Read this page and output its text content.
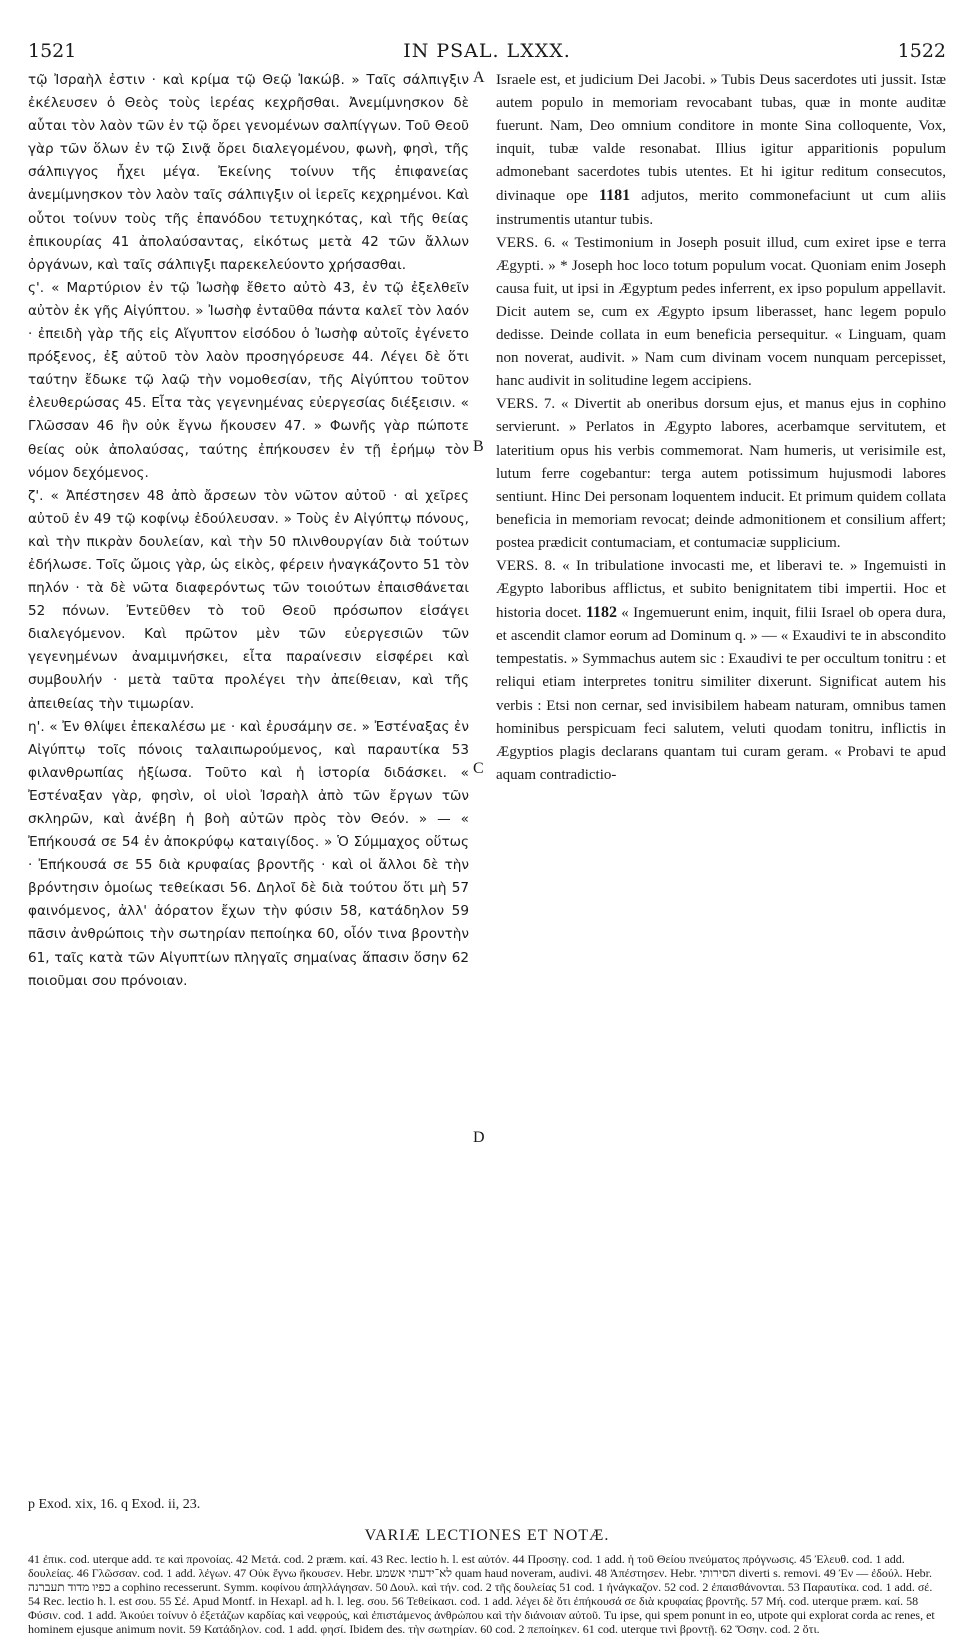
1521	IN PSAL. LXXX.	1522

τῷ Ἰσραὴλ ἐστιν · καὶ κρίμα τῷ Θεῷ Ἰακώβ. » Ταῖς σάλπιγξιν ἐκέλευσεν ὁ Θεὸς τοὺς ἱερέας κεχρῆσθαι. Ἀνεμίμνησκον δὲ αὗται τὸν λαὸν τῶν ἐν τῷ ὄρει γενομένων σαλπίγγων. Τοῦ Θεοῦ γὰρ τῶν ὅλων ἐν τῷ Σινᾷ ὄρει διαλεγομένου, φωνὴ, φησὶ, τῆς σάλπιγγος ἦχει μέγα. Ἐκείνης τοίνυν τῆς ἐπιφανείας ἀνεμίμνησκον τὸν λαὸν ταῖς σάλπιγξιν οἱ ἱερεῖς κεχρημένοι. Καὶ οὗτοι τοίνυν τοὺς τῆς ἐπανόδου τετυχηκότας, καὶ τῆς θείας ἐπικουρίας 41 ἀπολαύσαντας, εἰκότως μετὰ 42 τῶν ἄλλων ὀργάνων, καὶ ταῖς σάλπιγξι παρεκελεύοντο χρήσασθαι.

ς'. « Μαρτύριον ἐν τῷ Ἰωσὴφ ἔθετο αὐτὸ 43, ἐν τῷ ἐξελθεῖν αὐτὸν ἐκ γῆς Αἰγύπτου. » Ἰωσὴφ ἐνταῦθα πάντα καλεῖ τὸν λαόν · ἐπειδὴ γὰρ τῆς εἰς Αἴγυπτον εἰσόδου ὁ Ἰωσὴφ αὐτοῖς ἐγένετο πρόξενος, ἐξ αὐτοῦ τὸν λαὸν προσηγόρευσε 44. Λέγει δὲ ὅτι ταύτην ἔδωκε τῷ λαῷ τὴν νομοθεσίαν, τῆς Αἰγύπτου τοῦτον ἐλευθερώσας 45. Εἶτα τὰς γεγενημένας εὐεργεσίας διέξεισιν. « Γλῶσσαν 46 ἣν οὐκ ἔγνω ἤκουσεν 47. » Φωνῆς γὰρ πώποτε θείας οὐκ ἀπολαύσας, ταύτης ἐπήκουσεν ἐν τῇ ἐρήμῳ τὸν νόμον δεχόμενος.

ζ'. « Ἀπέστησεν 48 ἀπὸ ἄρσεων τὸν νῶτον αὐτοῦ · αἱ χεῖρες αὐτοῦ ἐν 49 τῷ κοφίνῳ ἐδούλευσαν. » Τοὺς ἐν Αἰγύπτῳ πόνους, καὶ τὴν πικρὰν δουλείαν, καὶ τὴν 50 πλινθουργίαν διὰ τούτων ἐδήλωσε. Τοῖς ὤμοις γὰρ, ὡς εἰκὸς, φέρειν ἠναγκάζοντο 51 τὸν πηλόν · τὰ δὲ νῶτα διαφερόντως τῶν τοιούτων ἐπαισθάνεται 52 πόνων. Ἐντεῦθεν τὸ τοῦ Θεοῦ πρόσωπον εἰσάγει διαλεγόμενον. Καὶ πρῶτον μὲν τῶν εὐεργεσιῶν τῶν γεγενημένων ἀναμιμνήσκει, εἶτα παραίνεσιν εἰσφέρει καὶ συμβουλήν · μετὰ ταῦτα προλέγει τὴν ἀπείθειαν, καὶ τῆς ἀπειθείας τὴν τιμωρίαν.

η'. « Ἐν θλίψει ἐπεκαλέσω με · καὶ ἐρυσάμην σε. » Ἐστέναξας ἐν Αἰγύπτῳ τοῖς πόνοις ταλαιπωρούμενος, καὶ παραυτίκα 53 φιλανθρωπίας ἠξίωσα. Τοῦτο καὶ ἡ ἱστορία διδάσκει. « Ἐστέναξαν γὰρ, φησὶν, οἱ υἱοὶ Ἰσραὴλ ἀπὸ τῶν ἔργων τῶν σκληρῶν, καὶ ἀνέβη ἡ βοὴ αὐτῶν πρὸς τὸν Θεόν. » — « Ἐπήκουσά σε 54 ἐν ἀποκρύφῳ καταιγίδος. » Ὁ Σύμμαχος οὕτως · Ἐπήκουσά σε 55 διὰ κρυφαίας βροντῆς · καὶ οἱ ἄλλοι δὲ τὴν βρόντησιν ὁμοίως τεθείκασι 56. Δηλοῖ δὲ διὰ τούτου ὅτι μὴ 57 φαινόμενος, ἀλλ' ἀόρατον ἔχων τὴν φύσιν 58, κατάδηλον 59 πᾶσιν ἀνθρώποις τὴν σωτηρίαν πεποίηκα 60, οἷόν τινα βροντὴν 61, ταῖς κατὰ τῶν Αἰγυπτίων πληγαῖς σημαίνας ἅπασιν ὅσην 62 ποιοῦμαι σου πρόνοιαν.

Israele est, et judicium Dei Jacobi. » Tubis Deus sacerdotes uti jussit. Istæ autem populo in memoriam revocabant tubas, quæ in monte auditæ fuerunt. Nam, Deo omnium conditore in monte Sina colloquente, Vox, inquit, tubæ valde resonabat. Illius igitur apparitionis populum admonebant sacerdotes tubis utentes. Et hi igitur reditum consecutos, divinaque ope 1181 adjutos, merito commonefaciunt ut cum aliis instrumentis utantur tubis.

VERS. 6. « Testimonium in Joseph posuit illud, cum exiret ipse e terra Ægypti. » * Joseph hoc loco totum populum vocat. Quoniam enim Joseph causa fuit, ut ipsi in Ægyptum pedes inferrent, ex ipso populum appellavit. Dicit autem se, cum ex Ægypto ipsum liberasset, hanc legem populo dedisse. Deinde collata in eum beneficia persequitur. « Linguam, quam non noverat, audivit. » Nam cum divinam vocem nunquam percepisset, hanc audivit in solitudine legem accipiens.

VERS. 7. « Divertit ab oneribus dorsum ejus, et manus ejus in cophino servierunt. » Perlatos in Ægypto labores, acerbamque servitutem, et lateritium opus his verbis commemorat. Nam humeris, ut verisimile est, lutum ferre cogebantur: terga autem potissimum hujusmodi labores sentiunt. Hinc Dei personam loquentem inducit. Et primum quidem collata beneficia in memoriam revocat; deinde admonitionem et consilium affert; postea prædicit contumaciam, et contumaciæ supplicium.

VERS. 8. « In tribulatione invocasti me, et liberavi te. » Ingemuisti in Ægypto laboribus afflictus, et subito benignitatem tibi impertii. Hoc et historia docet. 1182 « Ingemuerunt enim, inquit, filii Israel ob opera dura, et ascendit clamor eorum ad Dominum q. » — « Exaudivi te in abscondito tempestatis. » Symmachus autem sic : Exaudivi te per occultum tonitru : et reliqui etiam interpretes tonitru similiter dixerunt. Significat autem his verbis : Etsi non cernar, sed invisibilem habeam naturam, omnibus tamen hominibus perspicuam feci salutem, veluti quodam tonitru, inflictis in Ægyptios plagis declarans quantam tui curam geram. « Probavi te apud aquam contradictio-

A
B
C
D
p Exod. xix, 16. q Exod. ii, 23.
VARIÆ LECTIONES ET NOTÆ.

41 ἐπικ. cod. uterque add. τε καὶ προνοίας. 42 Μετά. cod. 2 præm. καί. 43 Rec. lectio h. l. est αὐτόν. 44 Προσηγ. cod. 1 add. ἡ τοῦ Θείου πνεύματος πρόγνωσις. 45 Ἐλευθ. cod. 1 add. δουλείας. 46 Γλῶσσαν. cod. 1 add. λέγων. 47 Οὐκ ἔγνω ἤκουσεν. Hebr. לא־ידעתי אשמע quam haud noveram, audivi. 48 Ἀπέστησεν. Hebr. הסירותי diverti s. removi. 49 Ἐν — ἐδούλ. Hebr. כפיו מדוד תעברנה a cophino recesserunt. Symm. κοφίνου ἀπηλλάγησαν. 50 Δουλ. καὶ τήν. cod. 2 τῆς δουλείας 51 cod. 1 ἠνάγκαζον. 52 cod. 2 ἐπαισθάνονται. 53 Παραυτίκα. cod. 1 add. σέ. 54 Rec. lectio h. l. est σου. 55 Σέ. Apud Montf. in Hexapl. ad h. l. leg. σου. 56 Τεθείκασι. cod. 1 add. λέγει δὲ ὅτι ἐπήκουσά σε διὰ κρυφαίας βροντῆς. 57 Μή. cod. uterque præm. καί. 58 Φύσιν. cod. 1 add. Ἀκούει τοίνυν ὁ ἐξετάζων καρδίας καὶ νεφρούς, καὶ ἐπιστάμενος ἀνθρώπου καὶ τὴν διάνοιαν αὐτοῦ. Tu ipse, qui spem ponunt in eo, utpote qui explorat corda ac renes, et hominem ejusque animum novit. 59 Κατάδηλον. cod. 1 add. φησί. Ibidem des. τὴν σωτηρίαν. 60 cod. 2 πεποίηκεν. 61 cod. uterque τινὶ βροντῇ. 62 Ὅσην. cod. 2 ὅτι.
